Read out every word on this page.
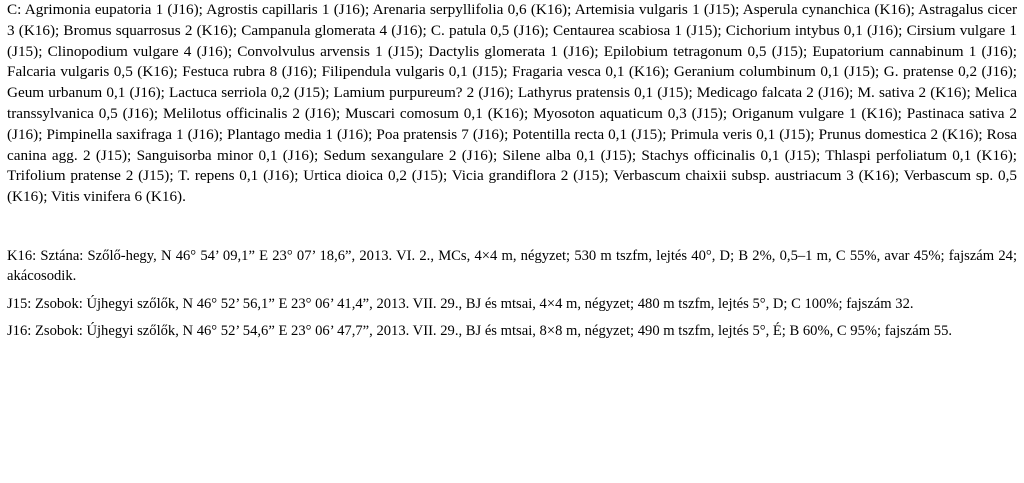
C: Agrimonia eupatoria 1 (J16); Agrostis capillaris 1 (J16); Arenaria serpyllifolia 0,6 (K16); Artemisia vulgaris 1 (J15); Asperula cynanchica (K16); Astragalus cicer 3 (K16); Bromus squarrosus 2 (K16); Campanula glomerata 4 (J16); C. patula 0,5 (J16); Centaurea scabiosa 1 (J15); Cichorium intybus 0,1 (J16); Cirsium vulgare 1 (J15); Clinopodium vulgare 4 (J16); Convolvulus arvensis 1 (J15); Dactylis glomerata 1 (J16); Epilobium tetragonum 0,5 (J15); Eupatorium cannabinum 1 (J16); Falcaria vulgaris 0,5 (K16); Festuca rubra 8 (J16); Filipendula vulgaris 0,1 (J15); Fragaria vesca 0,1 (K16); Geranium columbinum 0,1 (J15); G. pratense 0,2 (J16); Geum urbanum 0,1 (J16); Lactuca serriola 0,2 (J15); Lamium purpureum? 2 (J16); Lathyrus pratensis 0,1 (J15); Medicago falcata 2 (J16); M. sativa 2 (K16); Melica transsylvanica 0,5 (J16); Melilotus officinalis 2 (J16); Muscari comosum 0,1 (K16); Myosoton aquaticum 0,3 (J15); Origanum vulgare 1 (K16); Pastinaca sativa 2 (J16); Pimpinella saxifraga 1 (J16); Plantago media 1 (J16); Poa pratensis 7 (J16); Potentilla recta 0,1 (J15); Primula veris 0,1 (J15); Prunus domestica 2 (K16); Rosa canina agg. 2 (J15); Sanguisorba minor 0,1 (J16); Sedum sexangulare 2 (J16); Silene alba 0,1 (J15); Stachys officinalis 0,1 (J15); Thlaspi perfoliatum 0,1 (K16); Trifolium pratense 2 (J15); T. repens 0,1 (J16); Urtica dioica 0,2 (J15); Vicia grandiflora 2 (J15); Verbascum chaixii subsp. austriacum 3 (K16); Verbascum sp. 0,5 (K16); Vitis vinifera 6 (K16).

K16: Sztána: Szőlő-hegy, N 46° 54’ 09,1” E 23° 07’ 18,6”, 2013. VI. 2., MCs, 4×4 m, négyzet; 530 m tszfm, lejtés 40°, D; B 2%, 0,5–1 m, C 55%, avar 45%; fajszám 24; akácosodik.

J15: Zsobok: Újhegyi szőlők, N 46° 52’ 56,1” E 23° 06’ 41,4”, 2013. VII. 29., BJ és mtsai, 4×4 m, négyzet; 480 m tszfm, lejtés 5°, D; C 100%; fajszám 32.

J16: Zsobok: Újhegyi szőlők, N 46° 52’ 54,6” E 23° 06’ 47,7”, 2013. VII. 29., BJ és mtsai, 8×8 m, négyzet; 490 m tszfm, lejtés 5°, É; B 60%, C 95%; fajszám 55.
